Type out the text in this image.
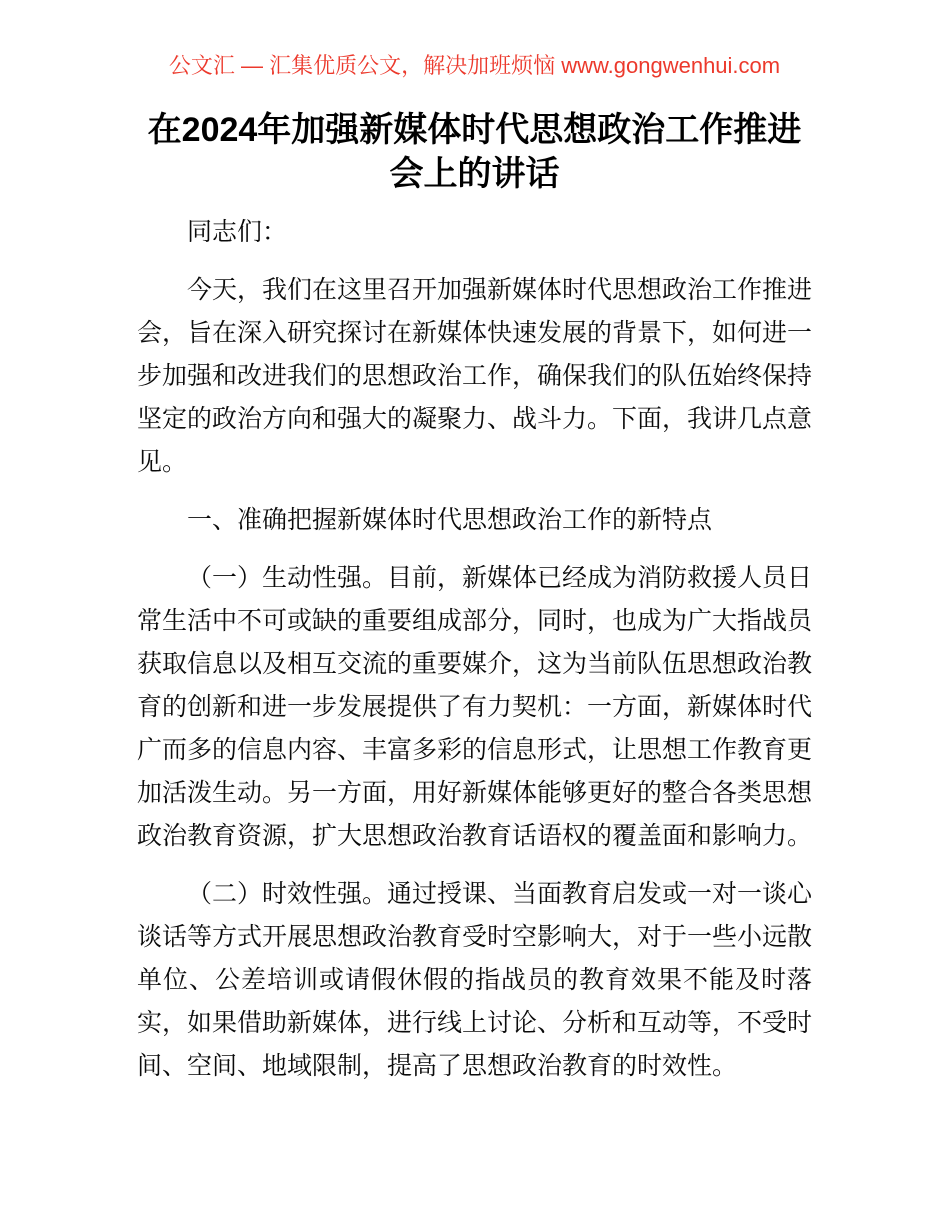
公文汇 — 汇集优质公文，解决加班烦恼 www.gongwenhui.com
在2024年加强新媒体时代思想政治工作推进会上的讲话

同志们：

今天，我们在这里召开加强新媒体时代思想政治工作推进会，旨在深入研究探讨在新媒体快速发展的背景下，如何进一步加强和改进我们的思想政治工作，确保我们的队伍始终保持坚定的政治方向和强大的凝聚力、战斗力。下面，我讲几点意见。

一、准确把握新媒体时代思想政治工作的新特点

（一）生动性强。目前，新媒体已经成为消防救援人员日常生活中不可或缺的重要组成部分，同时，也成为广大指战员获取信息以及相互交流的重要媒介，这为当前队伍思想政治教育的创新和进一步发展提供了有力契机：一方面，新媒体时代广而多的信息内容、丰富多彩的信息形式，让思想工作教育更加活泼生动。另一方面，用好新媒体能够更好的整合各类思想政治教育资源，扩大思想政治教育话语权的覆盖面和影响力。

（二）时效性强。通过授课、当面教育启发或一对一谈心谈话等方式开展思想政治教育受时空影响大，对于一些小远散单位、公差培训或请假休假的指战员的教育效果不能及时落实，如果借助新媒体，进行线上讨论、分析和互动等，不受时间、空间、地域限制，提高了思想政治教育的时效性。
